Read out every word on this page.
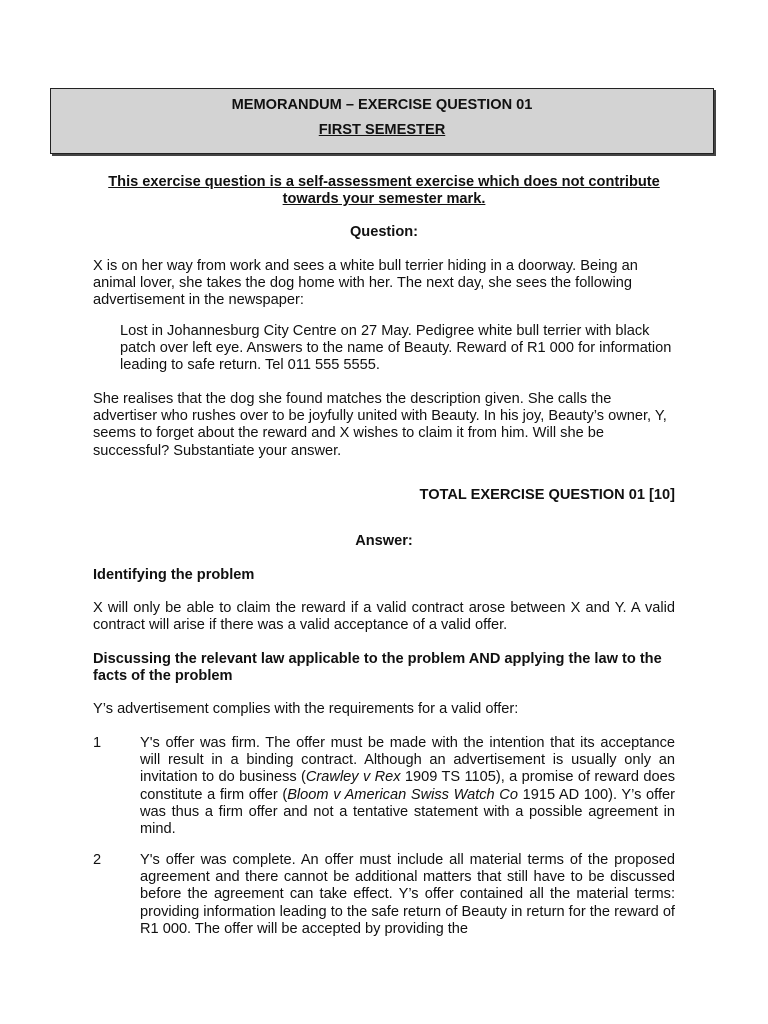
MEMORANDUM – EXERCISE QUESTION 01
FIRST SEMESTER
This exercise question is a self-assessment exercise which does not contribute towards your semester mark.
Question:
X is on her way from work and sees a white bull terrier hiding in a doorway. Being an animal lover, she takes the dog home with her. The next day, she sees the following advertisement in the newspaper:
Lost in Johannesburg City Centre on 27 May. Pedigree white bull terrier with black patch over left eye. Answers to the name of Beauty. Reward of R1 000 for information leading to safe return. Tel 011 555 5555.
She realises that the dog she found matches the description given. She calls the advertiser who rushes over to be joyfully united with Beauty. In his joy, Beauty’s owner, Y, seems to forget about the reward and X wishes to claim it from him. Will she be successful? Substantiate your answer.
TOTAL EXERCISE QUESTION 01 [10]
Answer:
Identifying the problem
X will only be able to claim the reward if a valid contract arose between X and Y. A valid contract will arise if there was a valid acceptance of a valid offer.
Discussing the relevant law applicable to the problem AND applying the law to the facts of the problem
Y’s advertisement complies with the requirements for a valid offer:
1	Y's offer was firm. The offer must be made with the intention that its acceptance will result in a binding contract. Although an advertisement is usually only an invitation to do business (Crawley v Rex 1909 TS 1105), a promise of reward does constitute a firm offer (Bloom v American Swiss Watch Co 1915 AD 100). Y’s offer was thus a firm offer and not a tentative statement with a possible agreement in mind.
2	Y's offer was complete. An offer must include all material terms of the proposed agreement and there cannot be additional matters that still have to be discussed before the agreement can take effect. Y’s offer contained all the material terms: providing information leading to the safe return of Beauty in return for the reward of R1 000. The offer will be accepted by providing the
